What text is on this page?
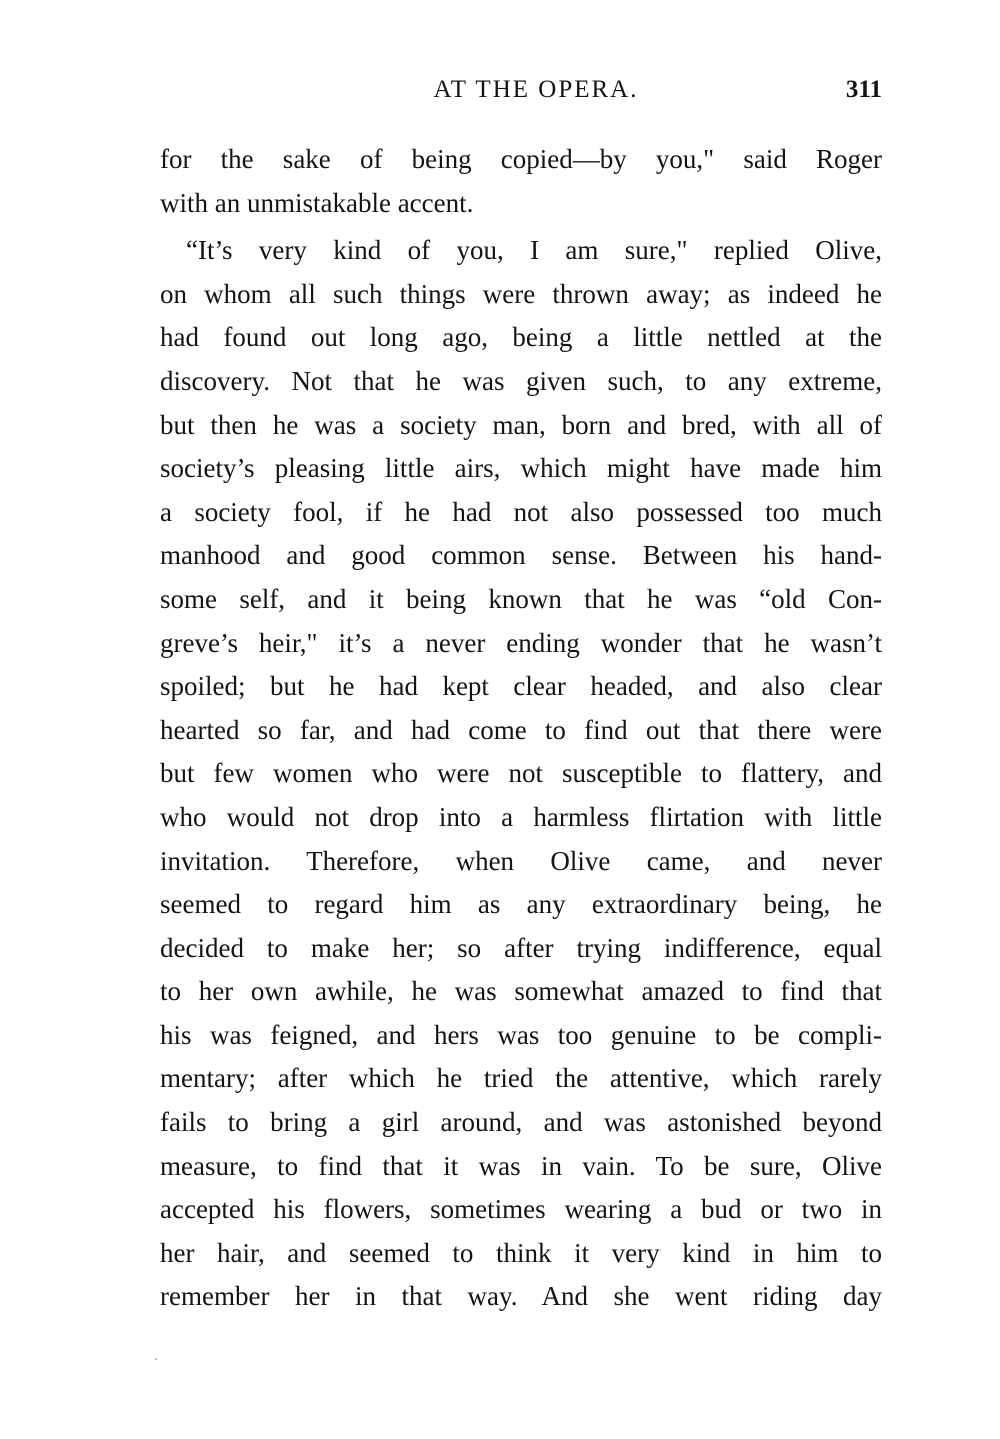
AT THE OPERA.	311
for the sake of being copied—by you," said Roger
with an unmistakable accent.
“It’s very kind of you, I am sure," replied Olive,
on whom all such things were thrown away; as indeed he
had found out long ago, being a little nettled at the
discovery. Not that he was given such, to any extreme,
but then he was a society man, born and bred, with all of
society’s pleasing little airs, which might have made him
a society fool, if he had not also possessed too much
manhood and good common sense. Between his hand-
some self, and it being known that he was “old Con-
greve’s heir," it’s a never ending wonder that he wasn’t
spoiled; but he had kept clear headed, and also clear
hearted so far, and had come to find out that there were
but few women who were not susceptible to flattery, and
who would not drop into a harmless flirtation with little
invitation. Therefore, when Olive came, and never
seemed to regard him as any extraordinary being, he
decided to make her; so after trying indifference, equal
to her own awhile, he was somewhat amazed to find that
his was feigned, and hers was too genuine to be compli-
mentary; after which he tried the attentive, which rarely
fails to bring a girl around, and was astonished beyond
measure, to find that it was in vain. To be sure, Olive
accepted his flowers, sometimes wearing a bud or two in
her hair, and seemed to think it very kind in him to
remember her in that way. And she went riding day
